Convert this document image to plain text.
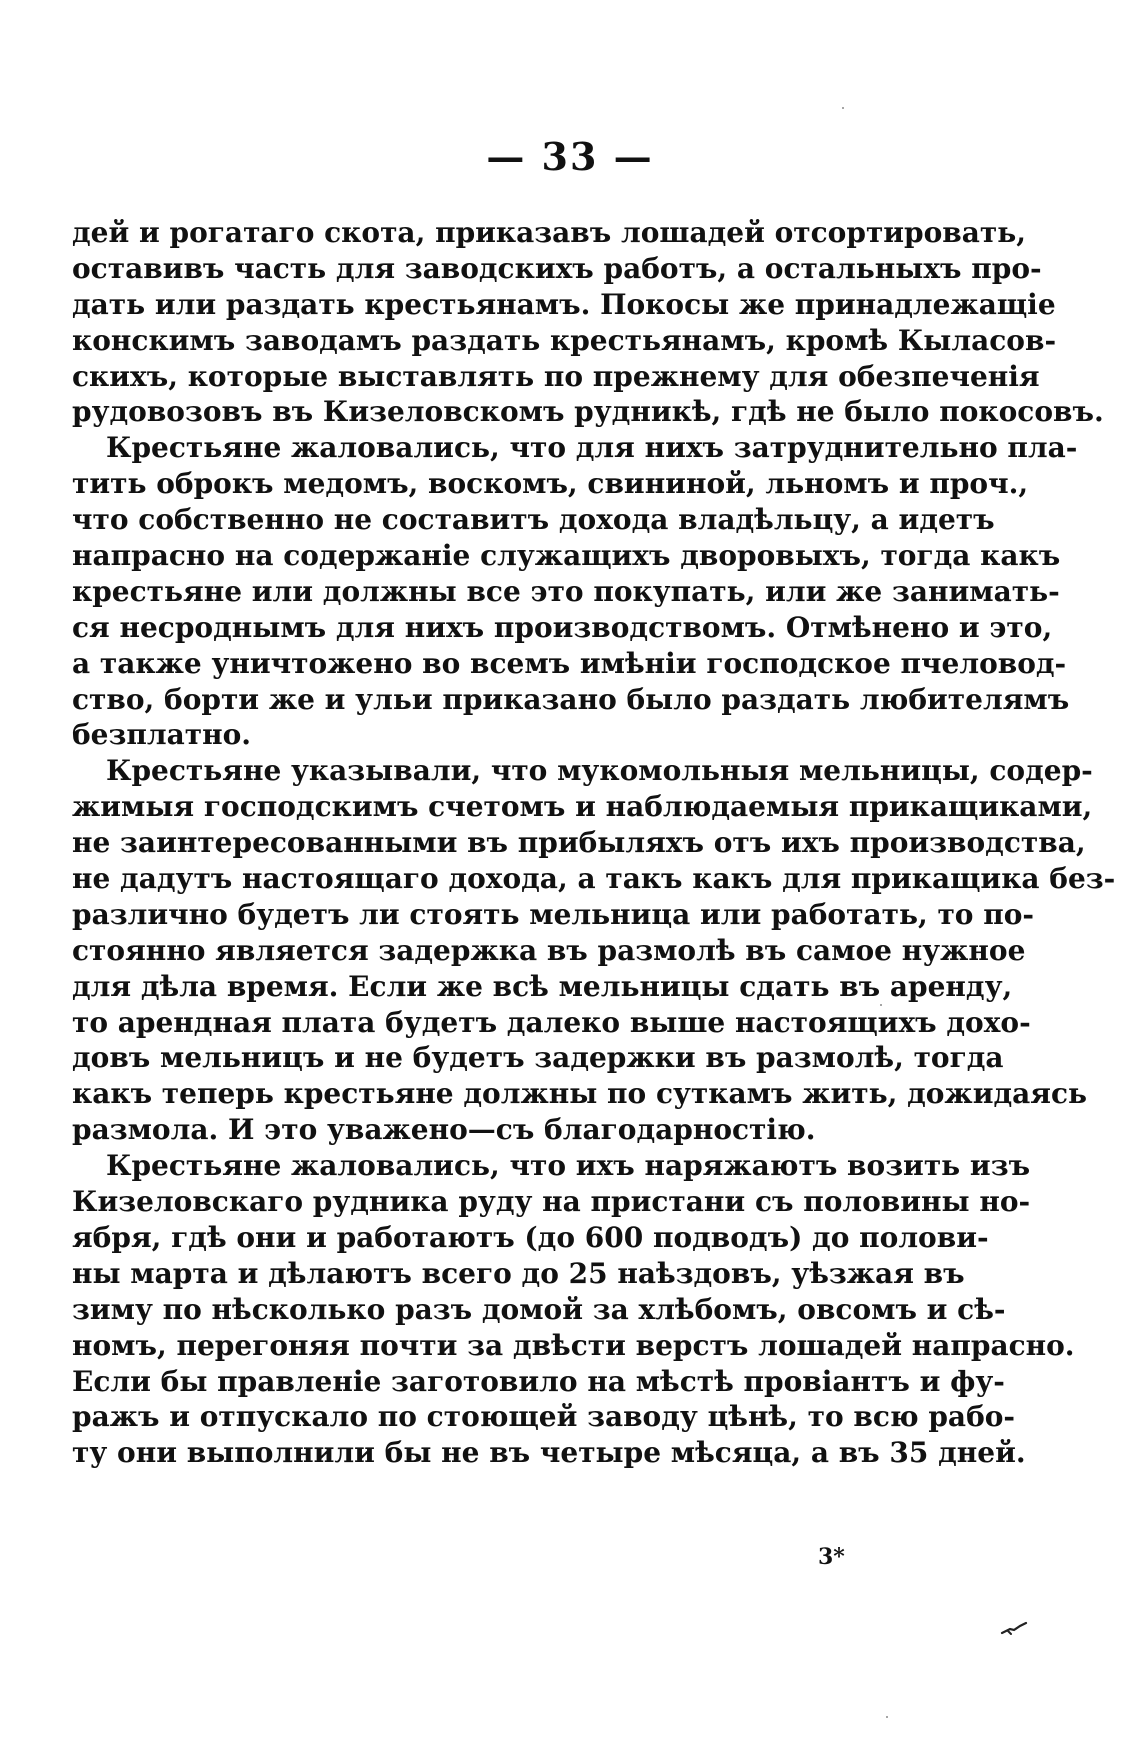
— 33 —
дей и рогатаго скота, приказавъ лошадей отсортировать,
оставивъ часть для заводскихъ работъ, а остальныхъ про-
дать или раздать крестьянамъ. Покосы же принадлежащіе
конскимъ заводамъ раздать крестьянамъ, кромѣ Кыласов-
скихъ, которые выставлять по прежнему для обезпеченія
рудовозовъ въ Кизеловскомъ рудникѣ, гдѣ не было покосовъ.
Крестьяне жаловались, что для нихъ затруднительно пла-
тить оброкъ медомъ, воскомъ, свининой, льномъ и проч.,
что собственно не составитъ дохода владѣльцу, а идетъ
напрасно на содержаніе служащихъ дворовыхъ, тогда какъ
крестьяне или должны все это покупать, или же занимать-
ся несроднымъ для нихъ производствомъ. Отмѣнено и это,
а также уничтожено во всемъ имѣніи господское пчеловод-
ство, борти же и ульи приказано было раздать любителямъ
безплатно.
Крестьяне указывали, что мукомольныя мельницы, содер-
жимыя господскимъ счетомъ и наблюдаемыя прикащиками,
не заинтересованными въ прибыляхъ отъ ихъ производства,
не дадутъ настоящаго дохода, а такъ какъ для прикащика без-
различно будетъ ли стоять мельница или работать, то по-
стоянно является задержка въ размолѣ въ самое нужное
для дѣла время. Если же всѣ мельницы сдать въ аренду,
то арендная плата будетъ далеко выше настоящихъ дохо-
довъ мельницъ и не будетъ задержки въ размолѣ, тогда
какъ теперь крестьяне должны по суткамъ жить, дожидаясь
размола. И это уважено—съ благодарностію.
Крестьяне жаловались, что ихъ наряжаютъ возить изъ
Кизеловскаго рудника руду на пристани съ половины но-
ября, гдѣ они и работаютъ (до 600 подводъ) до полови-
ны марта и дѣлаютъ всего до 25 наѣздовъ, уѣзжая въ
зиму по нѣсколько разъ домой за хлѣбомъ, овсомъ и сѣ-
номъ, перегоняя почти за двѣсти верстъ лошадей напрасно.
Если бы правленіе заготовило на мѣстѣ провіантъ и фу-
ражъ и отпускало по стоющей заводу цѣнѣ, то всю рабо-
ту они выполнили бы не въ четыре мѣсяца, а въ 35 дней.
3*
